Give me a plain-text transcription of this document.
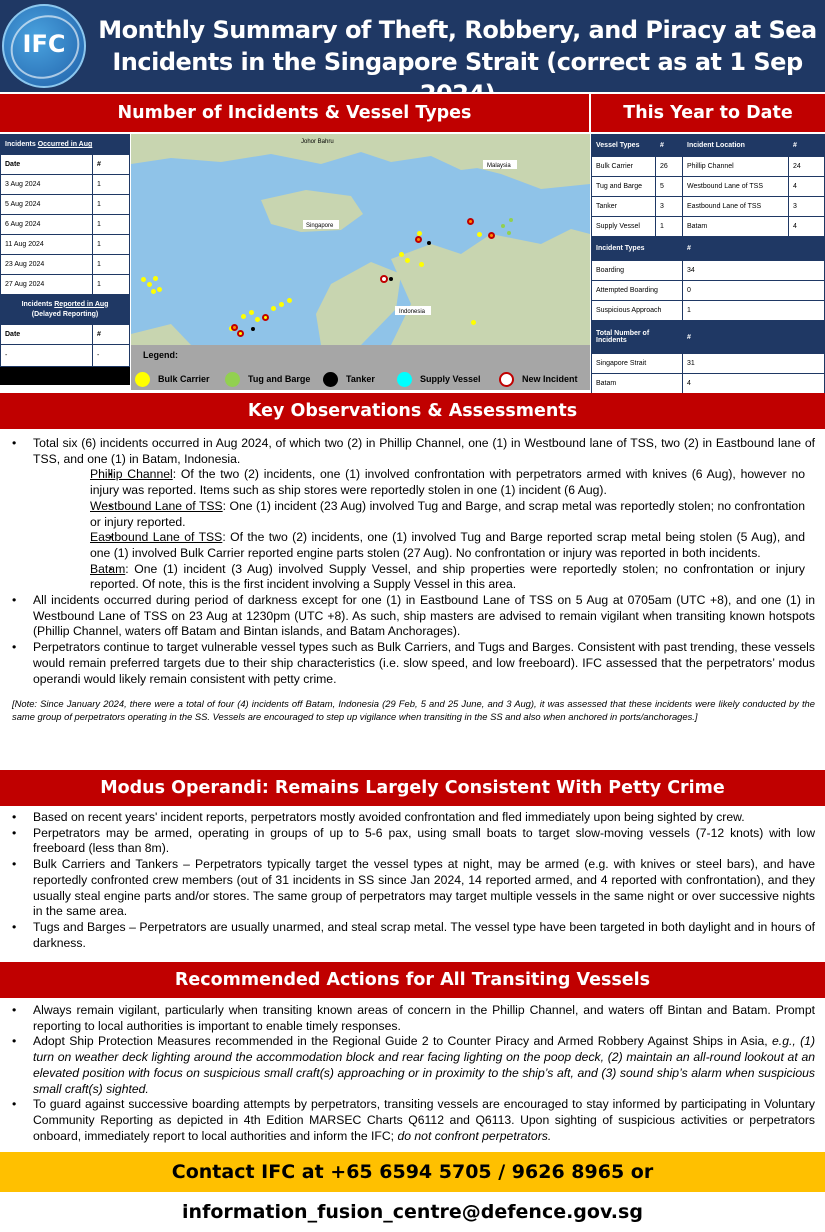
IFC	Monthly Summary of Theft, Robbery, and Piracy at Sea
Incidents in the Singapore Strait (correct as at 1 Sep
Number of Incidents & Vessel Types	This Year to Date
Incidents Occurred in Aug	
Date	#
3 Aug 2024	1
5 Aug 2024	1
6 Aug 2024	1
11 Aug 2024	1
23 Aug 2024	1
27 Aug 2024	1
Incidents Reported in Aug
(Delayed Reporting)	
Date	#
-	-
Johor Bahru
Malaysia
Singapore
Indonesia
Legend:
Bulk Carrier	Tug and Barge	Tanker	Supply Vessel	New Incident
Vessel Types	#	Incident Location	#
Bulk Carrier	26	Phillip Channel	24
Tug and Barge	5	Westbound Lane of TSS	4
Tanker	3	Eastbound Lane of TSS	3
Supply Vessel	1	Batam	4
Incident Types		#	
Boarding		34	
Attempted Boarding		0	
Suspicious Approach		1	
Total Number of Incidents		#	
Singapore Strait		31	
Batam		4	
Key Observations & Assessments
• Total six (6) incidents occurred in Aug 2024, of which two (2) in Phillip Channel, one (1) in Westbound lane of TSS, two (2) in Eastbound lane of TSS, and one (1) in Batam, Indonesia.
▪ Phillip Channel: Of the two (2) incidents, one (1) involved confrontation with perpetrators armed with knives (6 Aug), however no injury was reported. Items such as ship stores were reportedly stolen in one (1) incident (6 Aug).
▪ Westbound Lane of TSS: One (1) incident (23 Aug) involved Tug and Barge, and scrap metal was reportedly stolen; no confrontation or injury reported.
▪ Eastbound Lane of TSS: Of the two (2) incidents, one (1) involved Tug and Barge reported scrap metal being stolen (5 Aug), and one (1) involved Bulk Carrier reported engine parts stolen (27 Aug). No confrontation or injury was reported in both incidents.
▪ Batam: One (1) incident (3 Aug) involved Supply Vessel, and ship properties were reportedly stolen; no confrontation or injury reported. Of note, this is the first incident involving a Supply Vessel in this area.
• All incidents occurred during period of darkness except for one (1) in Eastbound Lane of TSS on 5 Aug at 0705am (UTC +8), and one (1) in Westbound Lane of TSS on 23 Aug at 1230pm (UTC +8). As such, ship masters are advised to remain vigilant when transiting known hotspots (Phillip Channel, waters off Batam and Bintan islands, and Batam Anchorages).
• Perpetrators continue to target vulnerable vessel types such as Bulk Carriers, and Tugs and Barges. Consistent with past trending, these vessels would remain preferred targets due to their ship characteristics (i.e. slow speed, and low freeboard). IFC assessed that the perpetrators’ modus operandi would likely remain consistent with petty crime.
[Note: Since January 2024, there were a total of four (4) incidents off Batam, Indonesia (29 Feb, 5 and 25 June, and 3 Aug), it was assessed that these incidents were likely conducted by the same group of perpetrators operating in the SS. Vessels are encouraged to step up vigilance when transiting in the SS and also when anchored in ports/anchorages.]
Modus Operandi: Remains Largely Consistent With Petty Crime
• Based on recent years' incident reports, perpetrators mostly avoided confrontation and fled immediately upon being sighted by crew.
• Perpetrators may be armed, operating in groups of up to 5-6 pax, using small boats to target slow-moving vessels (7-12 knots) with low freeboard (less than 8m).
• Bulk Carriers and Tankers – Perpetrators typically target the vessel types at night, may be armed (e.g. with knives or steel bars), and have reportedly confronted crew members (out of 31 incidents in SS since Jan 2024, 14 reported armed, and 4 reported with confrontation), and they usually steal engine parts and/or stores. The same group of perpetrators may target multiple vessels in the same night or over successive nights in the same area.
• Tugs and Barges – Perpetrators are usually unarmed, and steal scrap metal. The vessel type have been targeted in both daylight and in hours of darkness.
Recommended Actions for All Transiting Vessels
• Always remain vigilant, particularly when transiting known areas of concern in the Phillip Channel, and waters off Bintan and Batam. Prompt reporting to local authorities is important to enable timely responses.
• Adopt Ship Protection Measures recommended in the Regional Guide 2 to Counter Piracy and Armed Robbery Against Ships in Asia, e.g., (1) turn on weather deck lighting around the accommodation block and rear facing lighting on the poop deck, (2) maintain an all-round lookout at an elevated position with focus on suspicious small craft(s) approaching or in proximity to the ship’s aft, and (3) sound ship’s alarm when suspicious small craft(s) sighted.
• To guard against successive boarding attempts by perpetrators, transiting vessels are encouraged to stay informed by participating in Voluntary Community Reporting as depicted in 4th Edition MARSEC Charts Q6112 and Q6113. Upon sighting of suspicious activities or perpetrators onboard, immediately report to local authorities and inform the IFC; do not confront perpetrators.
Contact IFC at +65 6594 5705 / 9626 8965 or information_fusion_centre@defence.gov.sg
